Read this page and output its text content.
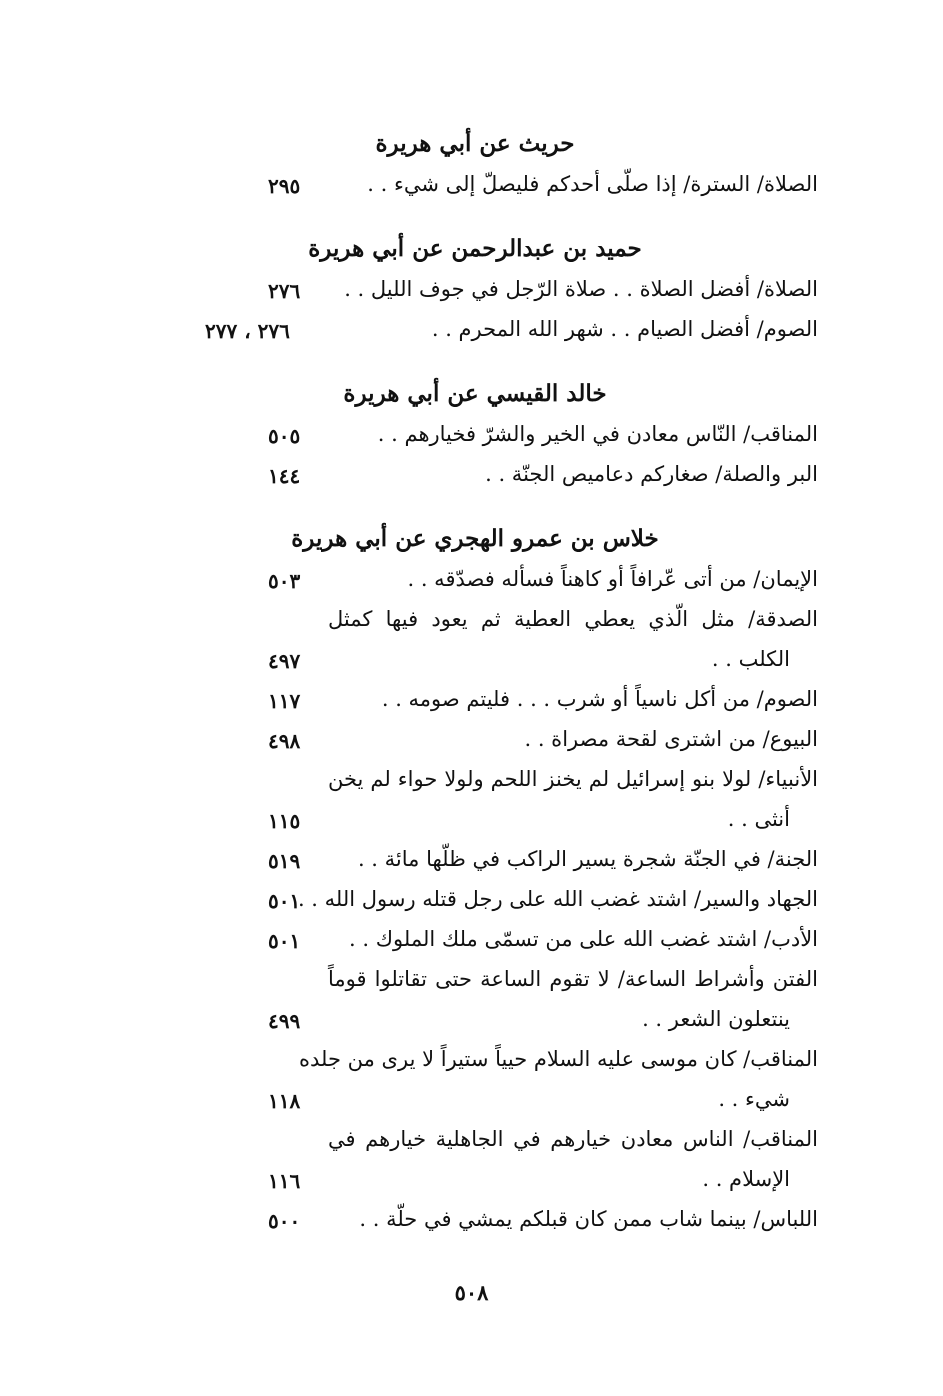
حريث عن أبي هريرة
الصلاة/ السترة/ إذا صلّى أحدكم فليصلّ إلى شيء . .
٢٩٥
حميد بن عبدالرحمن عن أبي هريرة
الصلاة/ أفضل الصلاة . . صلاة الرّجل في جوف الليل . .
٢٧٦
الصوم/ أفضل الصيام . . شهر الله المحرم . .
٢٧٦ ، ٢٧٧
خالد القيسي عن أبي هريرة
المناقب/ النّاس معادن في الخير والشرّ فخيارهم . .
٥٠٥
البر والصلة/ صغاركم دعاميص الجنّة . .
١٤٤
خلاس بن عمرو الهجري عن أبي هريرة
الإيمان/ من أتى عّرافاً أو كاهناً فسأله فصدّقه . .
٥٠٣
الصدقة/ مثل الّذي يعطي العطية ثم يعود فيها كمثل
الكلب . .
٤٩٧
الصوم/ من أكل ناسياً أو شرب . . . فليتم صومه . .
١١٧
البيوع/ من اشترى لقحة مصراة . .
٤٩٨
الأنبياء/ لولا بنو إسرائيل لم يخنز اللحم ولولا حواء لم يخن
أنثى . .
١١٥
الجنة/ في الجنّة شجرة يسير الراكب في ظلّها مائة . .
٥١٩
الجهاد والسير/ اشتد غضب الله على رجل قتله رسول الله . .
٥٠١
الأدب/ اشتد غضب الله على من تسمّى ملك الملوك . .
٥٠١
الفتن وأشراط الساعة/ لا تقوم الساعة حتى تقاتلوا قوماً
ينتعلون الشعر . .
٤٩٩
المناقب/ كان موسى عليه السلام حيياً ستيراً لا يرى من جلده
شيء . .
١١٨
المناقب/ الناس معادن خيارهم في الجاهلية خيارهم في
الإسلام . .
١١٦
اللباس/ بينما شاب ممن كان قبلكم يمشي في حلّة . .
٥٠٠
٥٠٨
